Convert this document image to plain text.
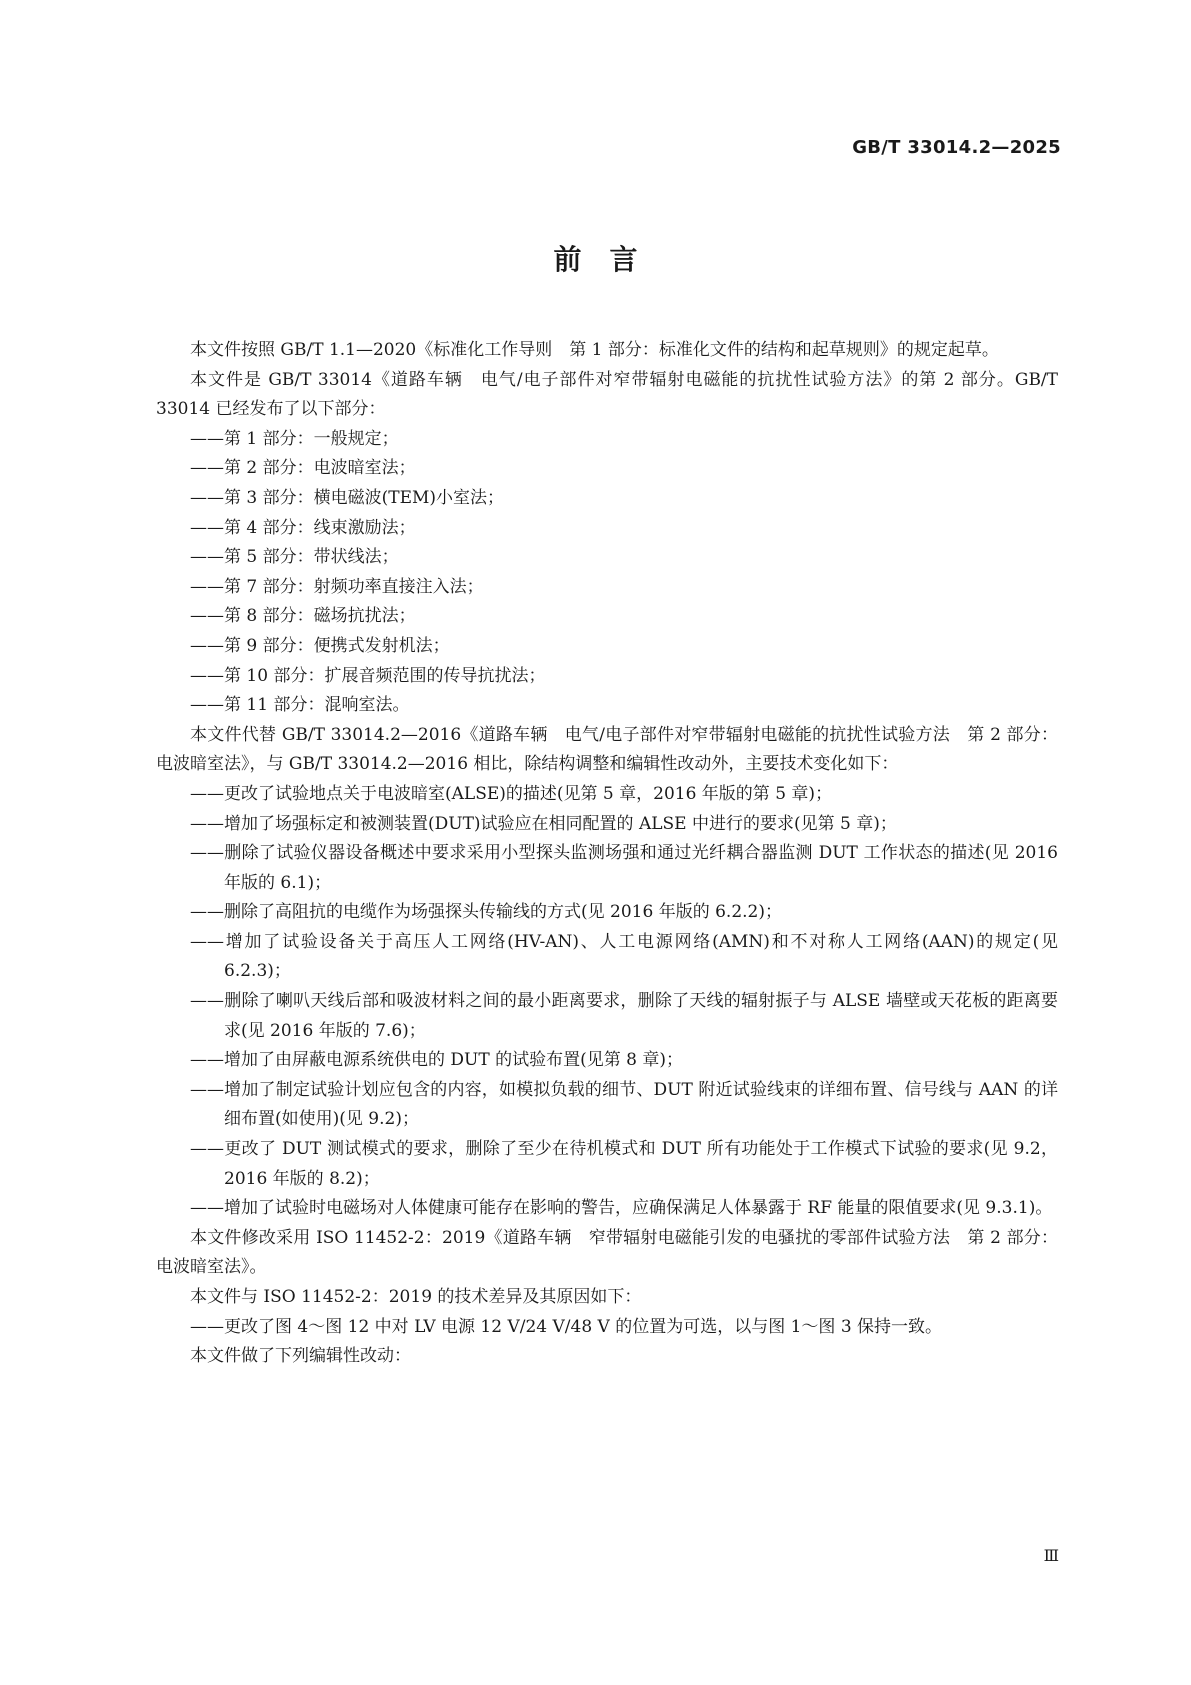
GB/T 33014.2—2025
前　言

本文件按照 GB/T 1.1—2020《标准化工作导则　第 1 部分：标准化文件的结构和起草规则》的规定起草。

本文件是 GB/T 33014《道路车辆　电气/电子部件对窄带辐射电磁能的抗扰性试验方法》的第 2 部分。GB/T 33014 已经发布了以下部分：

——第 1 部分：一般规定；

——第 2 部分：电波暗室法；

——第 3 部分：横电磁波(TEM)小室法；

——第 4 部分：线束激励法；

——第 5 部分：带状线法；

——第 7 部分：射频功率直接注入法；

——第 8 部分：磁场抗扰法；

——第 9 部分：便携式发射机法；

——第 10 部分：扩展音频范围的传导抗扰法；

——第 11 部分：混响室法。

本文件代替 GB/T 33014.2—2016《道路车辆　电气/电子部件对窄带辐射电磁能的抗扰性试验方法　第 2 部分：电波暗室法》，与 GB/T 33014.2—2016 相比，除结构调整和编辑性改动外，主要技术变化如下：

——更改了试验地点关于电波暗室(ALSE)的描述(见第 5 章，2016 年版的第 5 章)；

——增加了场强标定和被测装置(DUT)试验应在相同配置的 ALSE 中进行的要求(见第 5 章)；

——删除了试验仪器设备概述中要求采用小型探头监测场强和通过光纤耦合器监测 DUT 工作状态的描述(见 2016 年版的 6.1)；

——删除了高阻抗的电缆作为场强探头传输线的方式(见 2016 年版的 6.2.2)；

——增加了试验设备关于高压人工网络(HV-AN)、人工电源网络(AMN)和不对称人工网络(AAN)的规定(见 6.2.3)；

——删除了喇叭天线后部和吸波材料之间的最小距离要求，删除了天线的辐射振子与 ALSE 墙壁或天花板的距离要求(见 2016 年版的 7.6)；

——增加了由屏蔽电源系统供电的 DUT 的试验布置(见第 8 章)；

——增加了制定试验计划应包含的内容，如模拟负载的细节、DUT 附近试验线束的详细布置、信号线与 AAN 的详细布置(如使用)(见 9.2)；

——更改了 DUT 测试模式的要求，删除了至少在待机模式和 DUT 所有功能处于工作模式下试验的要求(见 9.2，2016 年版的 8.2)；

——增加了试验时电磁场对人体健康可能存在影响的警告，应确保满足人体暴露于 RF 能量的限值要求(见 9.3.1)。

本文件修改采用 ISO 11452-2：2019《道路车辆　窄带辐射电磁能引发的电骚扰的零部件试验方法　第 2 部分：电波暗室法》。

本文件与 ISO 11452-2：2019 的技术差异及其原因如下：

——更改了图 4～图 12 中对 LV 电源 12 V/24 V/48 V 的位置为可选，以与图 1～图 3 保持一致。

本文件做了下列编辑性改动：

Ⅲ
